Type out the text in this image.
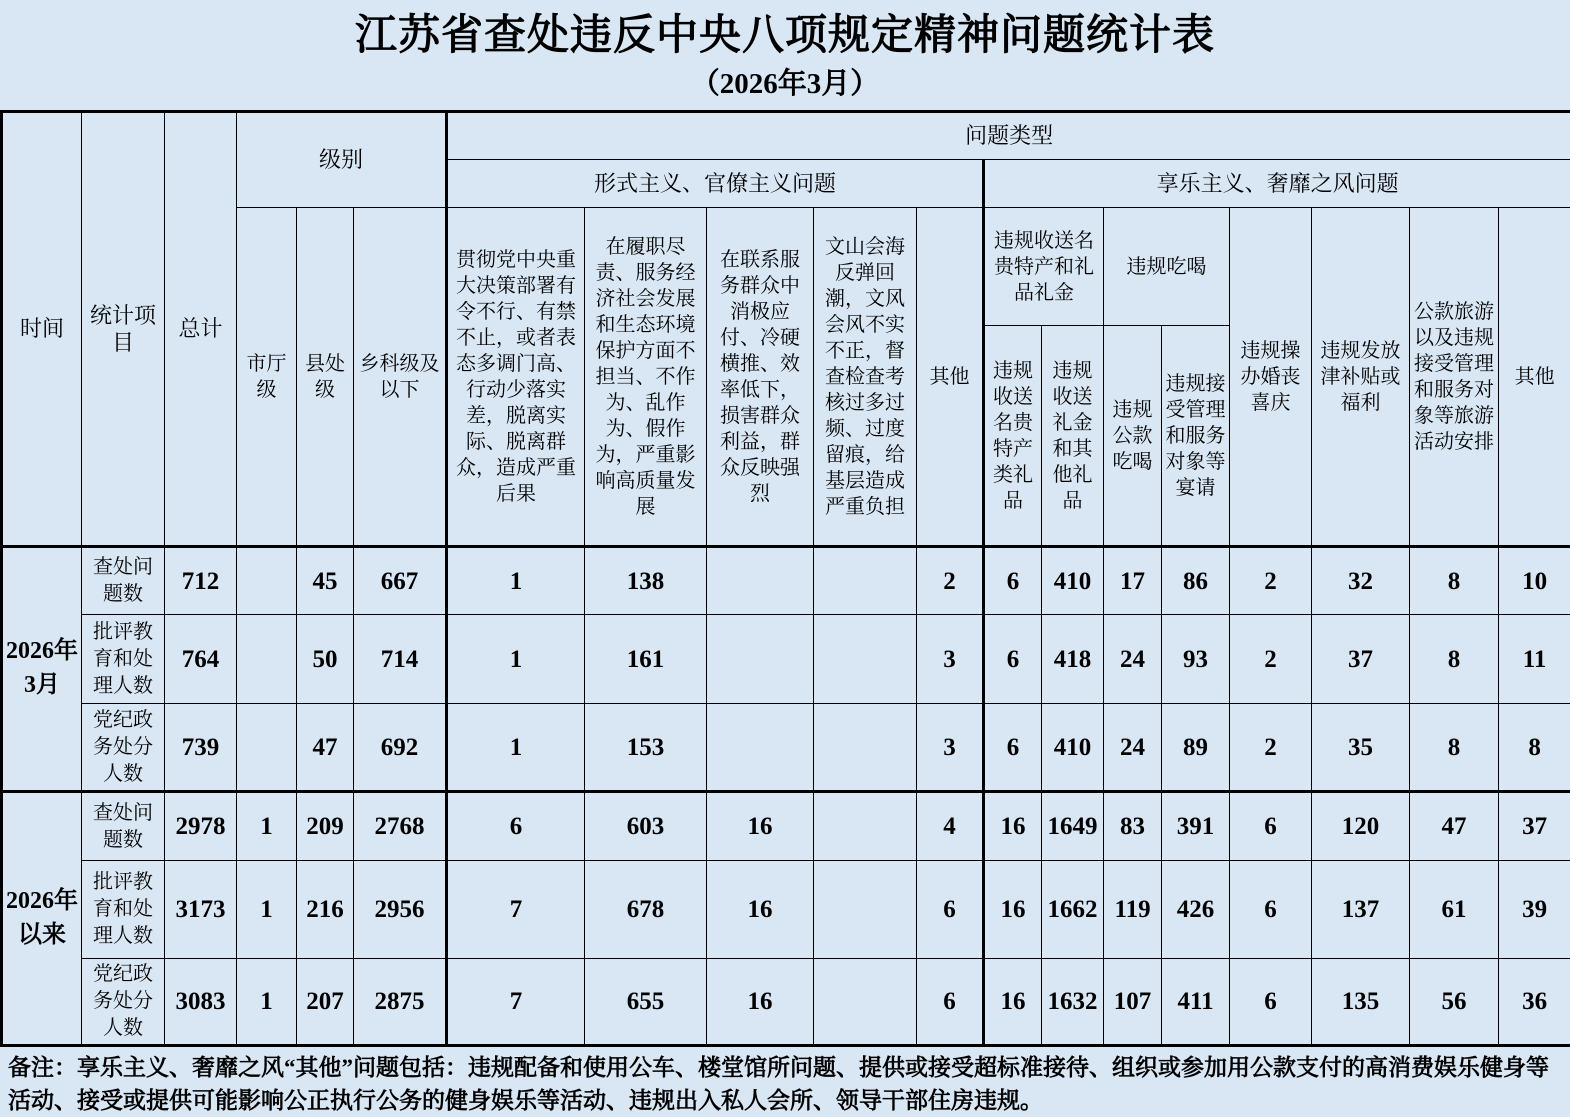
江苏省查处违反中央八项规定精神问题统计表
（2026年3月）
时间	统计项目	总计	级别			问题类型												
						形式主义、官僚主义问题					享乐主义、奢靡之风问题							
			市厅级	县处级	乡科级及以下	贯彻党中央重大决策部署有令不行、有禁不止，或者表态多调门高、行动少落实差，脱离实际、脱离群众，造成严重后果	在履职尽责、服务经济社会发展和生态环境保护方面不担当、不作为、乱作为、假作为，严重影响高质量发展	在联系服务群众中消极应付、冷硬横推、效率低下，损害群众利益，群众反映强烈	文山会海反弹回潮，文风会风不实不正，督查检查考核过多过频、过度留痕，给基层造成严重负担	其他	违规收送名贵特产和礼品礼金		违规吃喝		违规操办婚丧喜庆	违规发放津补贴或福利	公款旅游以及违规接受管理和服务对象等旅游活动安排	其他
											违规收送名贵特产类礼品	违规收送礼金和其他礼品	违规公款吃喝	违规接受管理和服务对象等宴请				
2026年3月	查处问题数	712		45	667	1	138			2	6	410	17	86	2	32	8	10
	批评教育和处理人数	764		50	714	1	161			3	6	418	24	93	2	37	8	11
	党纪政务处分人数	739		47	692	1	153			3	6	410	24	89	2	35	8	8
2026年以来	查处问题数	2978	1	209	2768	6	603	16		4	16	1649	83	391	6	120	47	37
	批评教育和处理人数	3173	1	216	2956	7	678	16		6	16	1662	119	426	6	137	61	39
	党纪政务处分人数	3083	1	207	2875	7	655	16		6	16	1632	107	411	6	135	56	36
备注：享乐主义、奢靡之风“其他”问题包括：违规配备和使用公车、楼堂馆所问题、提供或接受超标准接待、组织或参加用公款支付的高消费娱乐健身等活动、接受或提供可能影响公正执行公务的健身娱乐等活动、违规出入私人会所、领导干部住房违规。
